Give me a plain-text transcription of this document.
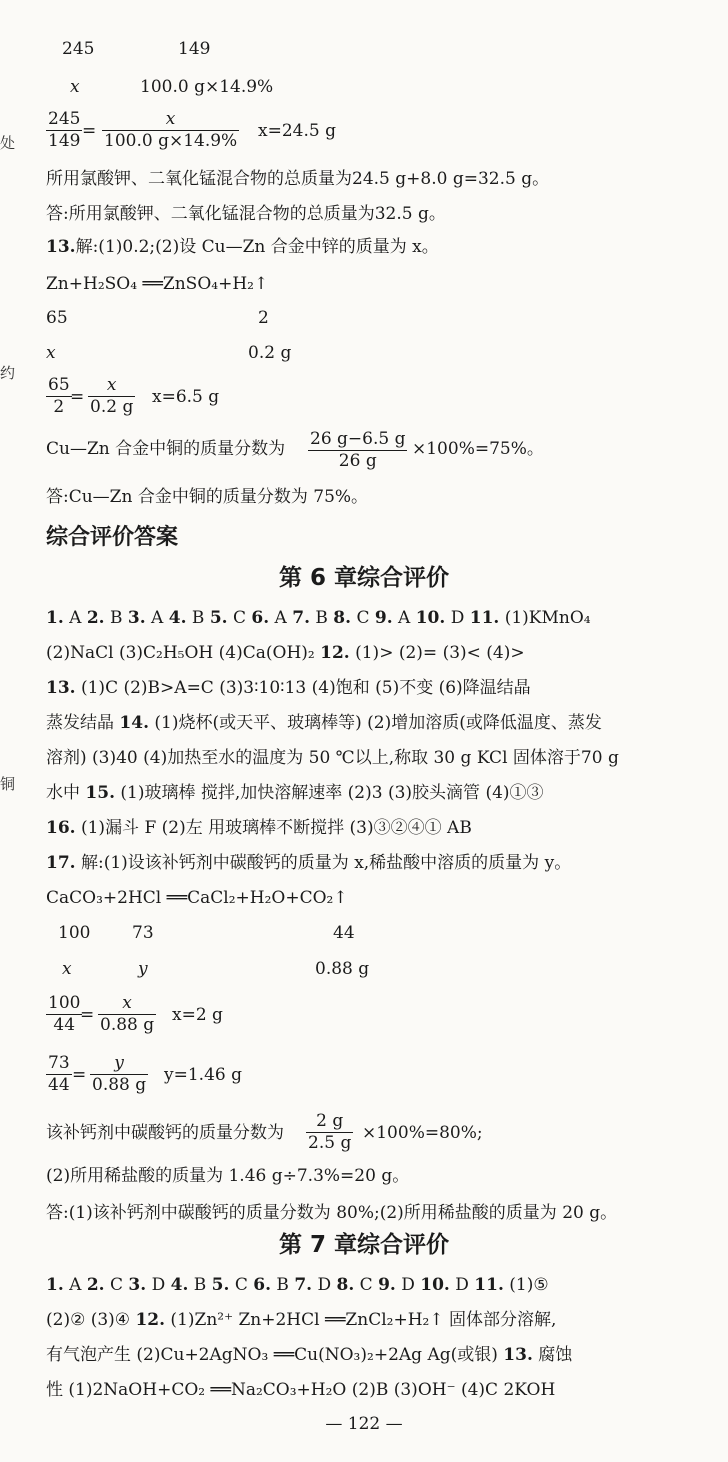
处
约
铜
245	149
x	100.0 g×14.9%
$\frac{245}{149} = \frac{x}{100.0 g\times 14.9\%} x=24.5$ g
所用氯酸钾、二氧化锰混合物的总质量为24.5 g+8.0 g=32.5 g。
答:所用氯酸钾、二氧化锰混合物的总质量为32.5 g。
13.解:(1)0.2;(2)设 Cu—Zn 合金中锌的质量为 x。
Zn+H₂SO₄ ══ZnSO₄+H₂↑
65	2
x	0.2 g
$\frac{65}{2}$
= $\frac{x}{0.2 g} x=6.5$ g
Cu—Zn 合金中铜的质量分数为 $\frac{26 g-6.5 g}{26 g} \times 100\%=75\%$。
答:Cu—Zn 合金中铜的质量分数为 75%。
综合评价答案
第 6 章综合评价
1. A 2. B 3. A 4. B 5. C 6. A 7. B 8. C 9. A 10. D 11. (1)KMnO₄
(2)NaCl (3)C₂H₅OH (4)Ca(OH)₂ 12. (1)> (2)= (3)< (4)>
13. (1)C (2)B>A=C (3)3∶10∶13 (4)饱和 (5)不变 (6)降温结晶
蒸发结晶 14. (1)烧杯(或天平、玻璃棒等) (2)增加溶质(或降低温度、蒸发
溶剂) (3)40 (4)加热至水的温度为 50 ℃以上,称取 30 g KCl 固体溶于70 g
水中 15. (1)玻璃棒 搅拌,加快溶解速率 (2)3 (3)胶头滴管 (4)①③
16. (1)漏斗 F (2)左 用玻璃棒不断搅拌 (3)③②④① AB
17. 解:(1)设该补钙剂中碳酸钙的质量为 x,稀盐酸中溶质的质量为 y。
CaCO₃+2HCl ══CaCl₂+H₂O+CO₂↑
100 73	44
x	y	0.88 g
$\frac{100}{44}$
= $\frac{x}{0.88 g} x=2$ g
$\frac{73}{44} = \frac{y}{0.88 g} y=1.46$ g
该补钙剂中碳酸钙的质量分数为 $\frac{2 g}{2.5 g} \times 100\%=80\%$;
(2)所用稀盐酸的质量为 1.46 g÷7.3%=20 g。
答:(1)该补钙剂中碳酸钙的质量分数为 80%;(2)所用稀盐酸的质量为 20 g。
第 7 章综合评价
1. A 2. C 3. D 4. B 5. C 6. B 7. D 8. C 9. D 10. D 11. (1)⑤
(2)② (3)④ 12. (1)Zn²⁺ Zn+2HCl ══ZnCl₂+H₂↑ 固体部分溶解,
有气泡产生 (2)Cu+2AgNO₃ ══Cu(NO₃)₂+2Ag Ag(或银) 13. 腐蚀
性 (1)2NaOH+CO₂ ══Na₂CO₃+H₂O (2)B (3)OH⁻ (4)C 2KOH
— 122 —
